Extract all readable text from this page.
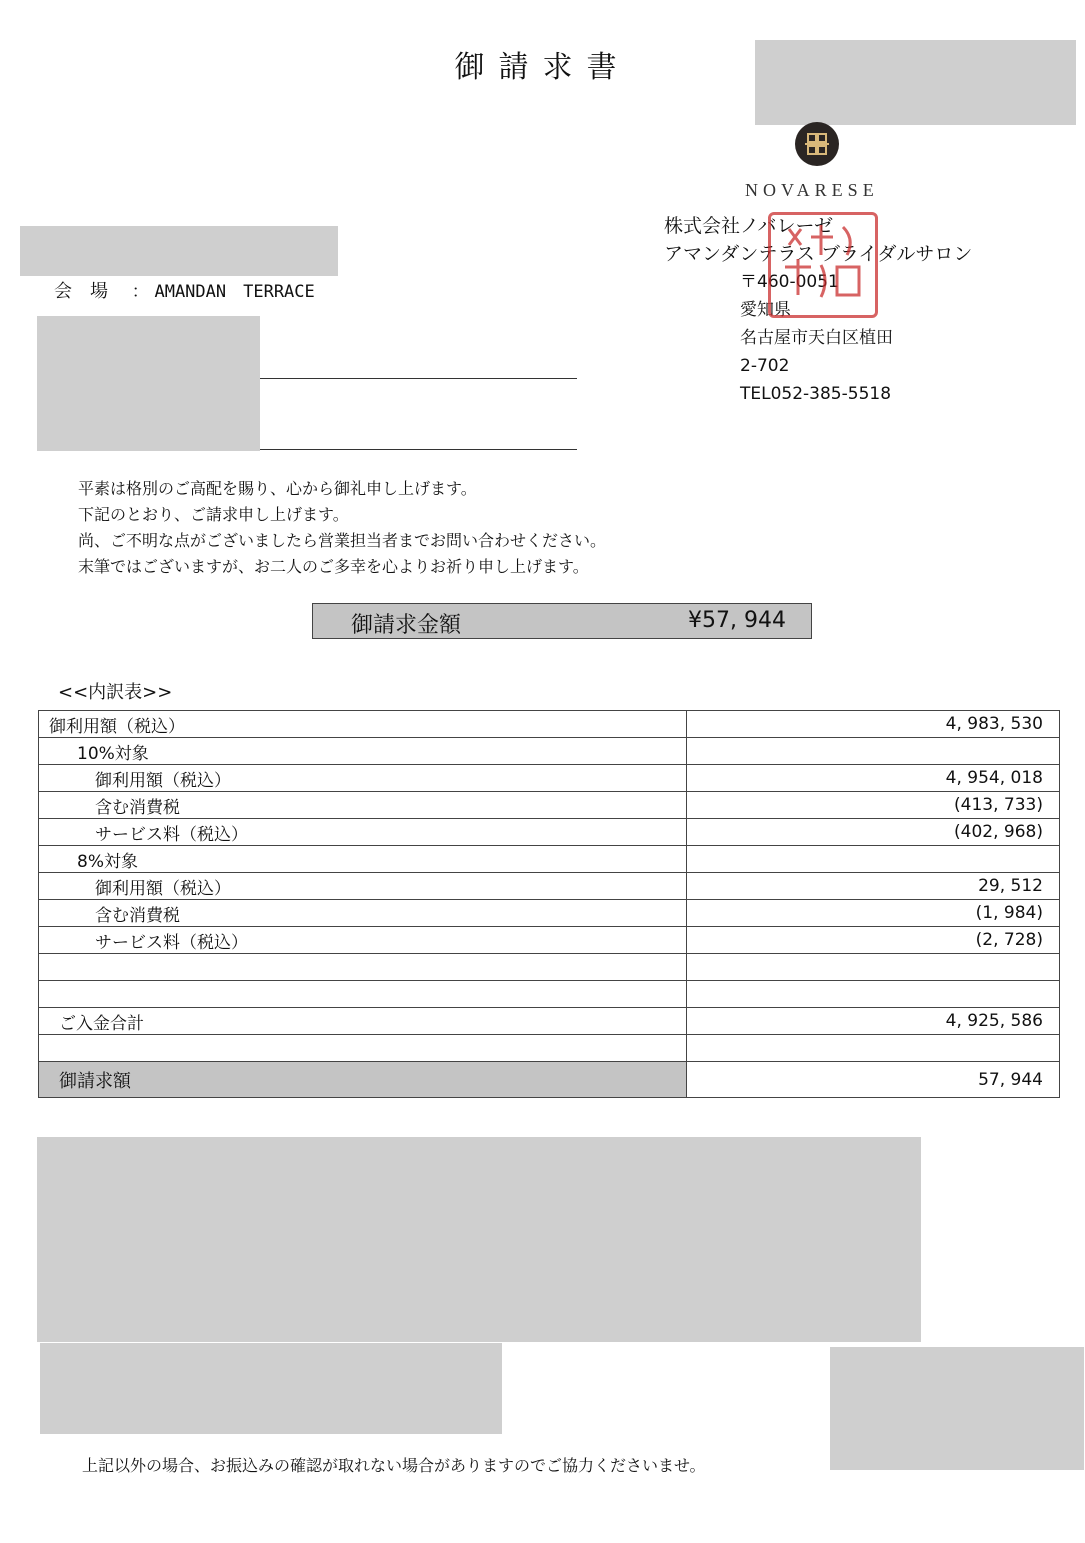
御請求書
NOVARESE
株式会社ノバレーゼ
アマンダンテラス ブライダルサロン
〒460-0051
愛知県
名古屋市天白区植田
2-702
TEL052-385-5518
会場 ： AMANDAN　TERRACE
平素は格別のご高配を賜り、心から御礼申し上げます。
下記のとおり、ご請求申し上げます。
尚、ご不明な点がございましたら営業担当者までお問い合わせください。
末筆ではございますが、お二人のご多幸を心よりお祈り申し上げます。
御請求金額	¥57, 944
<<内訳表>>
御利用額（税込）	4, 983, 530
10%対象	
御利用額（税込）	4, 954, 018
含む消費税	(413, 733)
サービス料（税込）	(402, 968)
8%対象	
御利用額（税込）	29, 512
含む消費税	(1, 984)
サービス料（税込）	(2, 728)

ご入金合計	4, 925, 586

御請求額	57, 944
上記以外の場合、お振込みの確認が取れない場合がありますのでご協力くださいませ。
